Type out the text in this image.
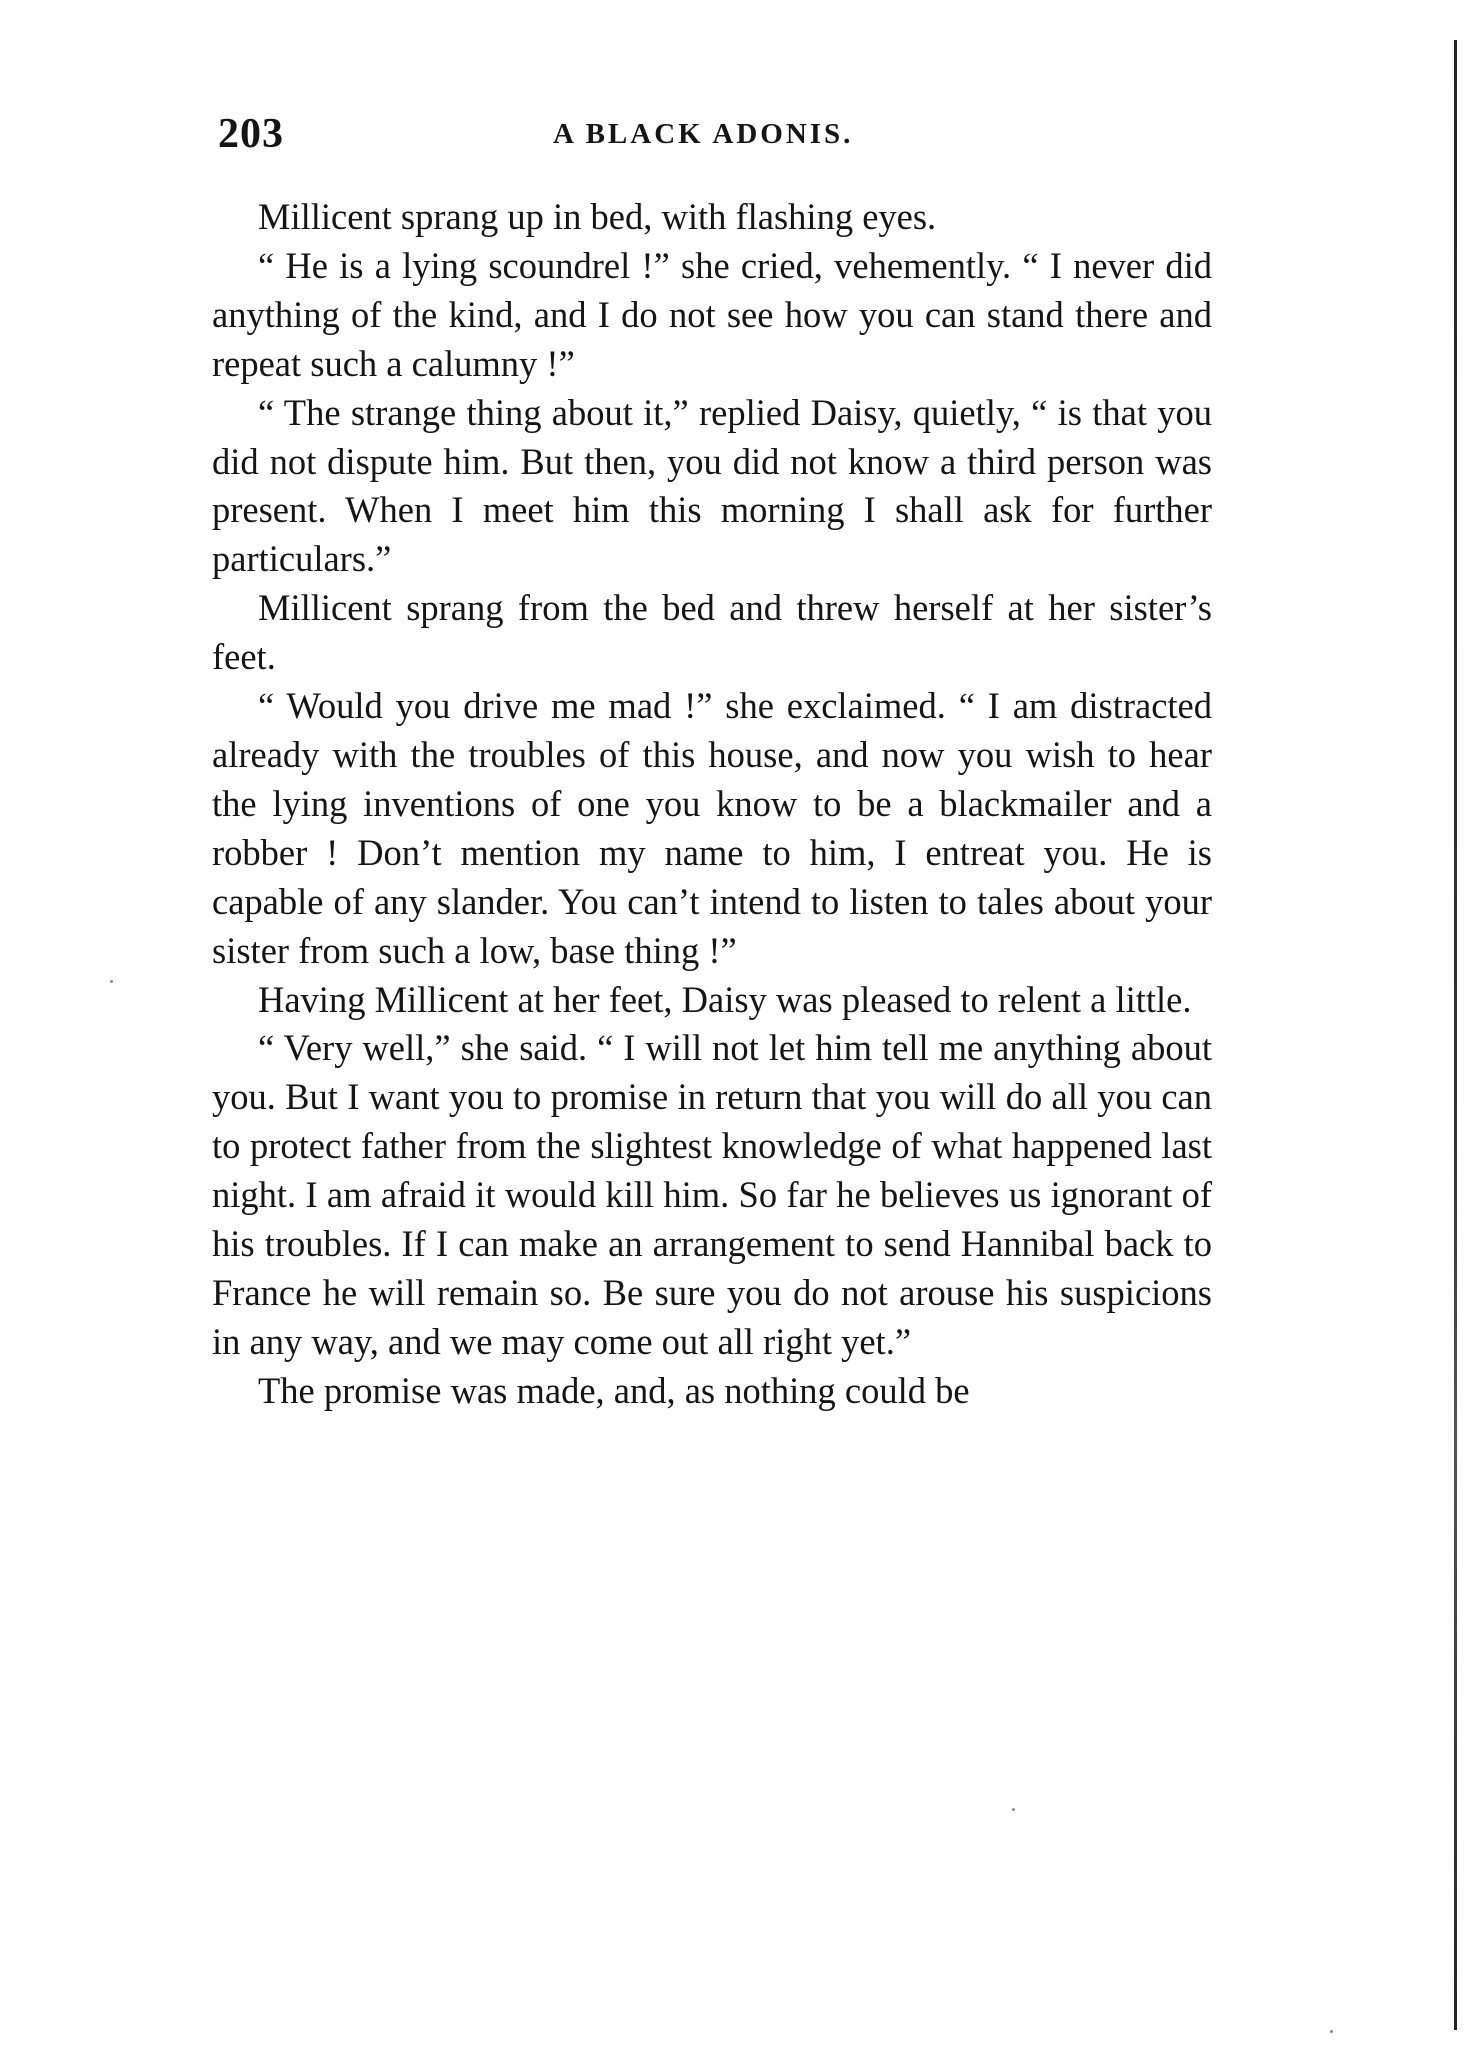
203	A BLACK ADONIS.

Millicent sprang up in bed, with flashing eyes.

“ He is a lying scoundrel !” she cried, vehemently. “ I never did anything of the kind, and I do not see how you can stand there and repeat such a calumny !”

“ The strange thing about it,” replied Daisy, quietly, “ is that you did not dispute him. But then, you did not know a third person was present. When I meet him this morning I shall ask for further particulars.”

Millicent sprang from the bed and threw herself at her sister’s feet.

“ Would you drive me mad !” she exclaimed. “ I am distracted already with the troubles of this house, and now you wish to hear the lying inventions of one you know to be a blackmailer and a robber ! Don’t mention my name to him, I entreat you. He is capable of any slander. You can’t intend to listen to tales about your sister from such a low, base thing !”

Having Millicent at her feet, Daisy was pleased to relent a little.

“ Very well,” she said. “ I will not let him tell me anything about you. But I want you to promise in return that you will do all you can to protect father from the slightest knowledge of what happened last night. I am afraid it would kill him. So far he believes us ignorant of his troubles. If I can make an arrangement to send Hannibal back to France he will remain so. Be sure you do not arouse his suspicions in any way, and we may come out all right yet.”

The promise was made, and, as nothing could be
